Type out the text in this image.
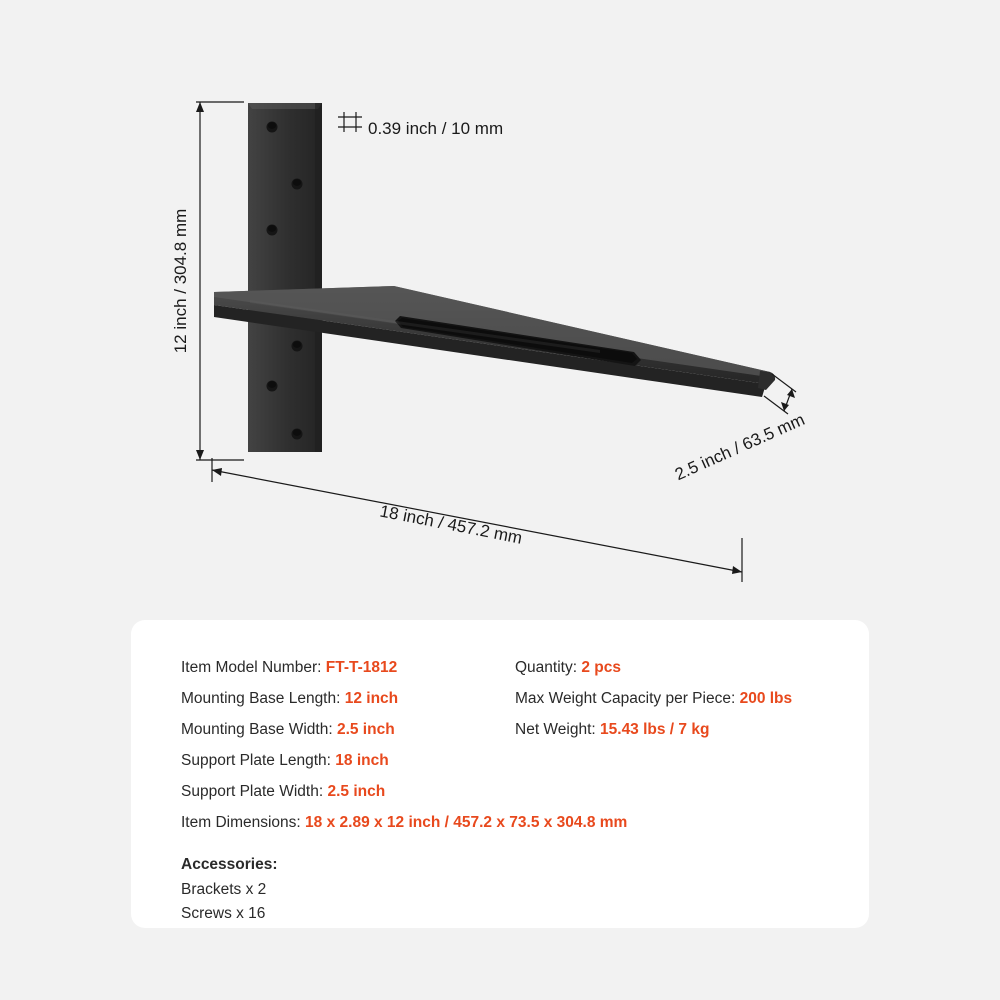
0.39 inch / 10 mm
12 inch / 304.8 mm
2.5 inch / 63.5 mm
18 inch / 457.2 mm
Item Model Number: FT-T-1812
Mounting Base Length: 12 inch
Mounting Base Width: 2.5 inch
Support Plate Length: 18 inch
Support Plate Width: 2.5 inch
Quantity: 2 pcs
Max Weight Capacity per Piece: 200 lbs
Net Weight: 15.43 lbs / 7 kg
Item Dimensions: 18 x 2.89 x 12 inch / 457.2 x 73.5 x 304.8 mm
Accessories:
Brackets x 2
Screws x 16
